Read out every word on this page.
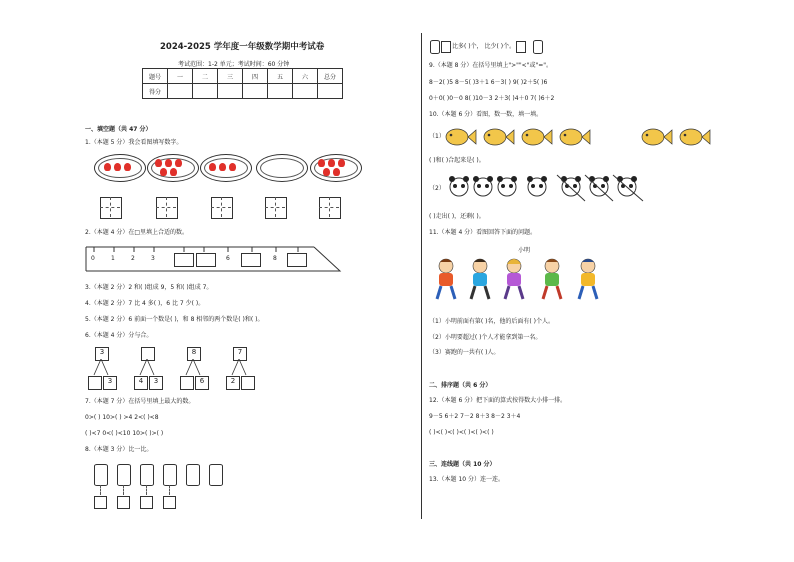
2024-2025 学年度一年级数学期中考试卷
考试范围：1-2 单元；考试时间：60 分钟
题号	一	二	三	四	五	六	总分
得分							
一、填空题（共 47 分）
1.（本题 5 分）我会看图填写数字。
2.（本题 4 分）在□里填上合适的数。
0	1	2	3	6	8
3.（本题 2 分）2 和( )组成 9，5 和( )组成 7。
4.（本题 2 分）7 比 4 多( )，6 比 7 少( )。
5.（本题 2 分）6 前面一个数是( )，和 8 相邻的两个数是( )和( )。
6.（本题 4 分）分与合。
3	8	7
3	4	3	6	2
7.（本题 7 分）在括号里填上最大的数。
0>( ) 10>( ) >4 2<( )<8
( )<7 0<( )<10 10>( )>( )
8.（本题 3 分）比一比。
比多( )个， 比少( )个。
9.（本题 8 分）在括号里填上">""<"或"="。
8－2( )5 8－5( )3＋1 6－3( ) 9( )2＋5( )6
0＋0( )0－0 8( )10－3 2＋3( )4＋0 7( )6＋2
10.（本题 6 分）看图，数一数，填一填。
（1）
( )和( )合起来是( )。
（2）
( )走出( )，还剩( )。
11.（本题 4 分）看图回答下面的问题。
小明
（1）小明前面有第( )名，他的后面有( )个人。
（2）小明要超过( )个人才能拿到第一名。
（3）赛跑的一共有( )人。
二、排序题（共 6 分）
12.（本题 6 分）把下面的算式按得数大小排一排。
9－5 6＋2 7－2 8＋3 8－2 3＋4
( )<( )<( )<( )<( )<( )
三、连线题（共 10 分）
13.（本题 10 分）连一连。
